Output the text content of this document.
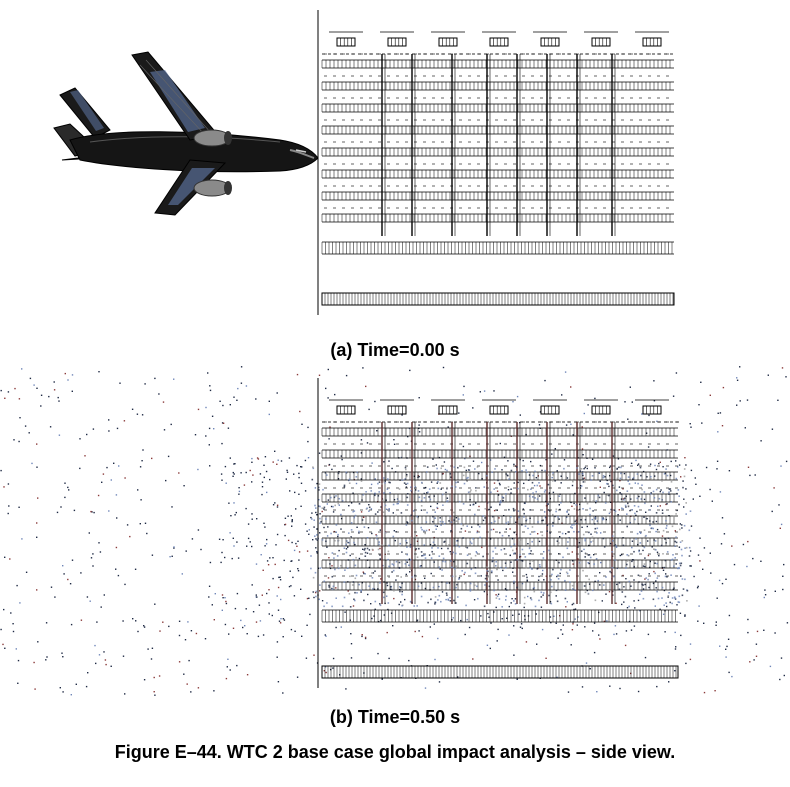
(a) Time=0.00 s
(b) Time=0.50 s
Figure E–44. WTC 2 base case global impact analysis – side view.
